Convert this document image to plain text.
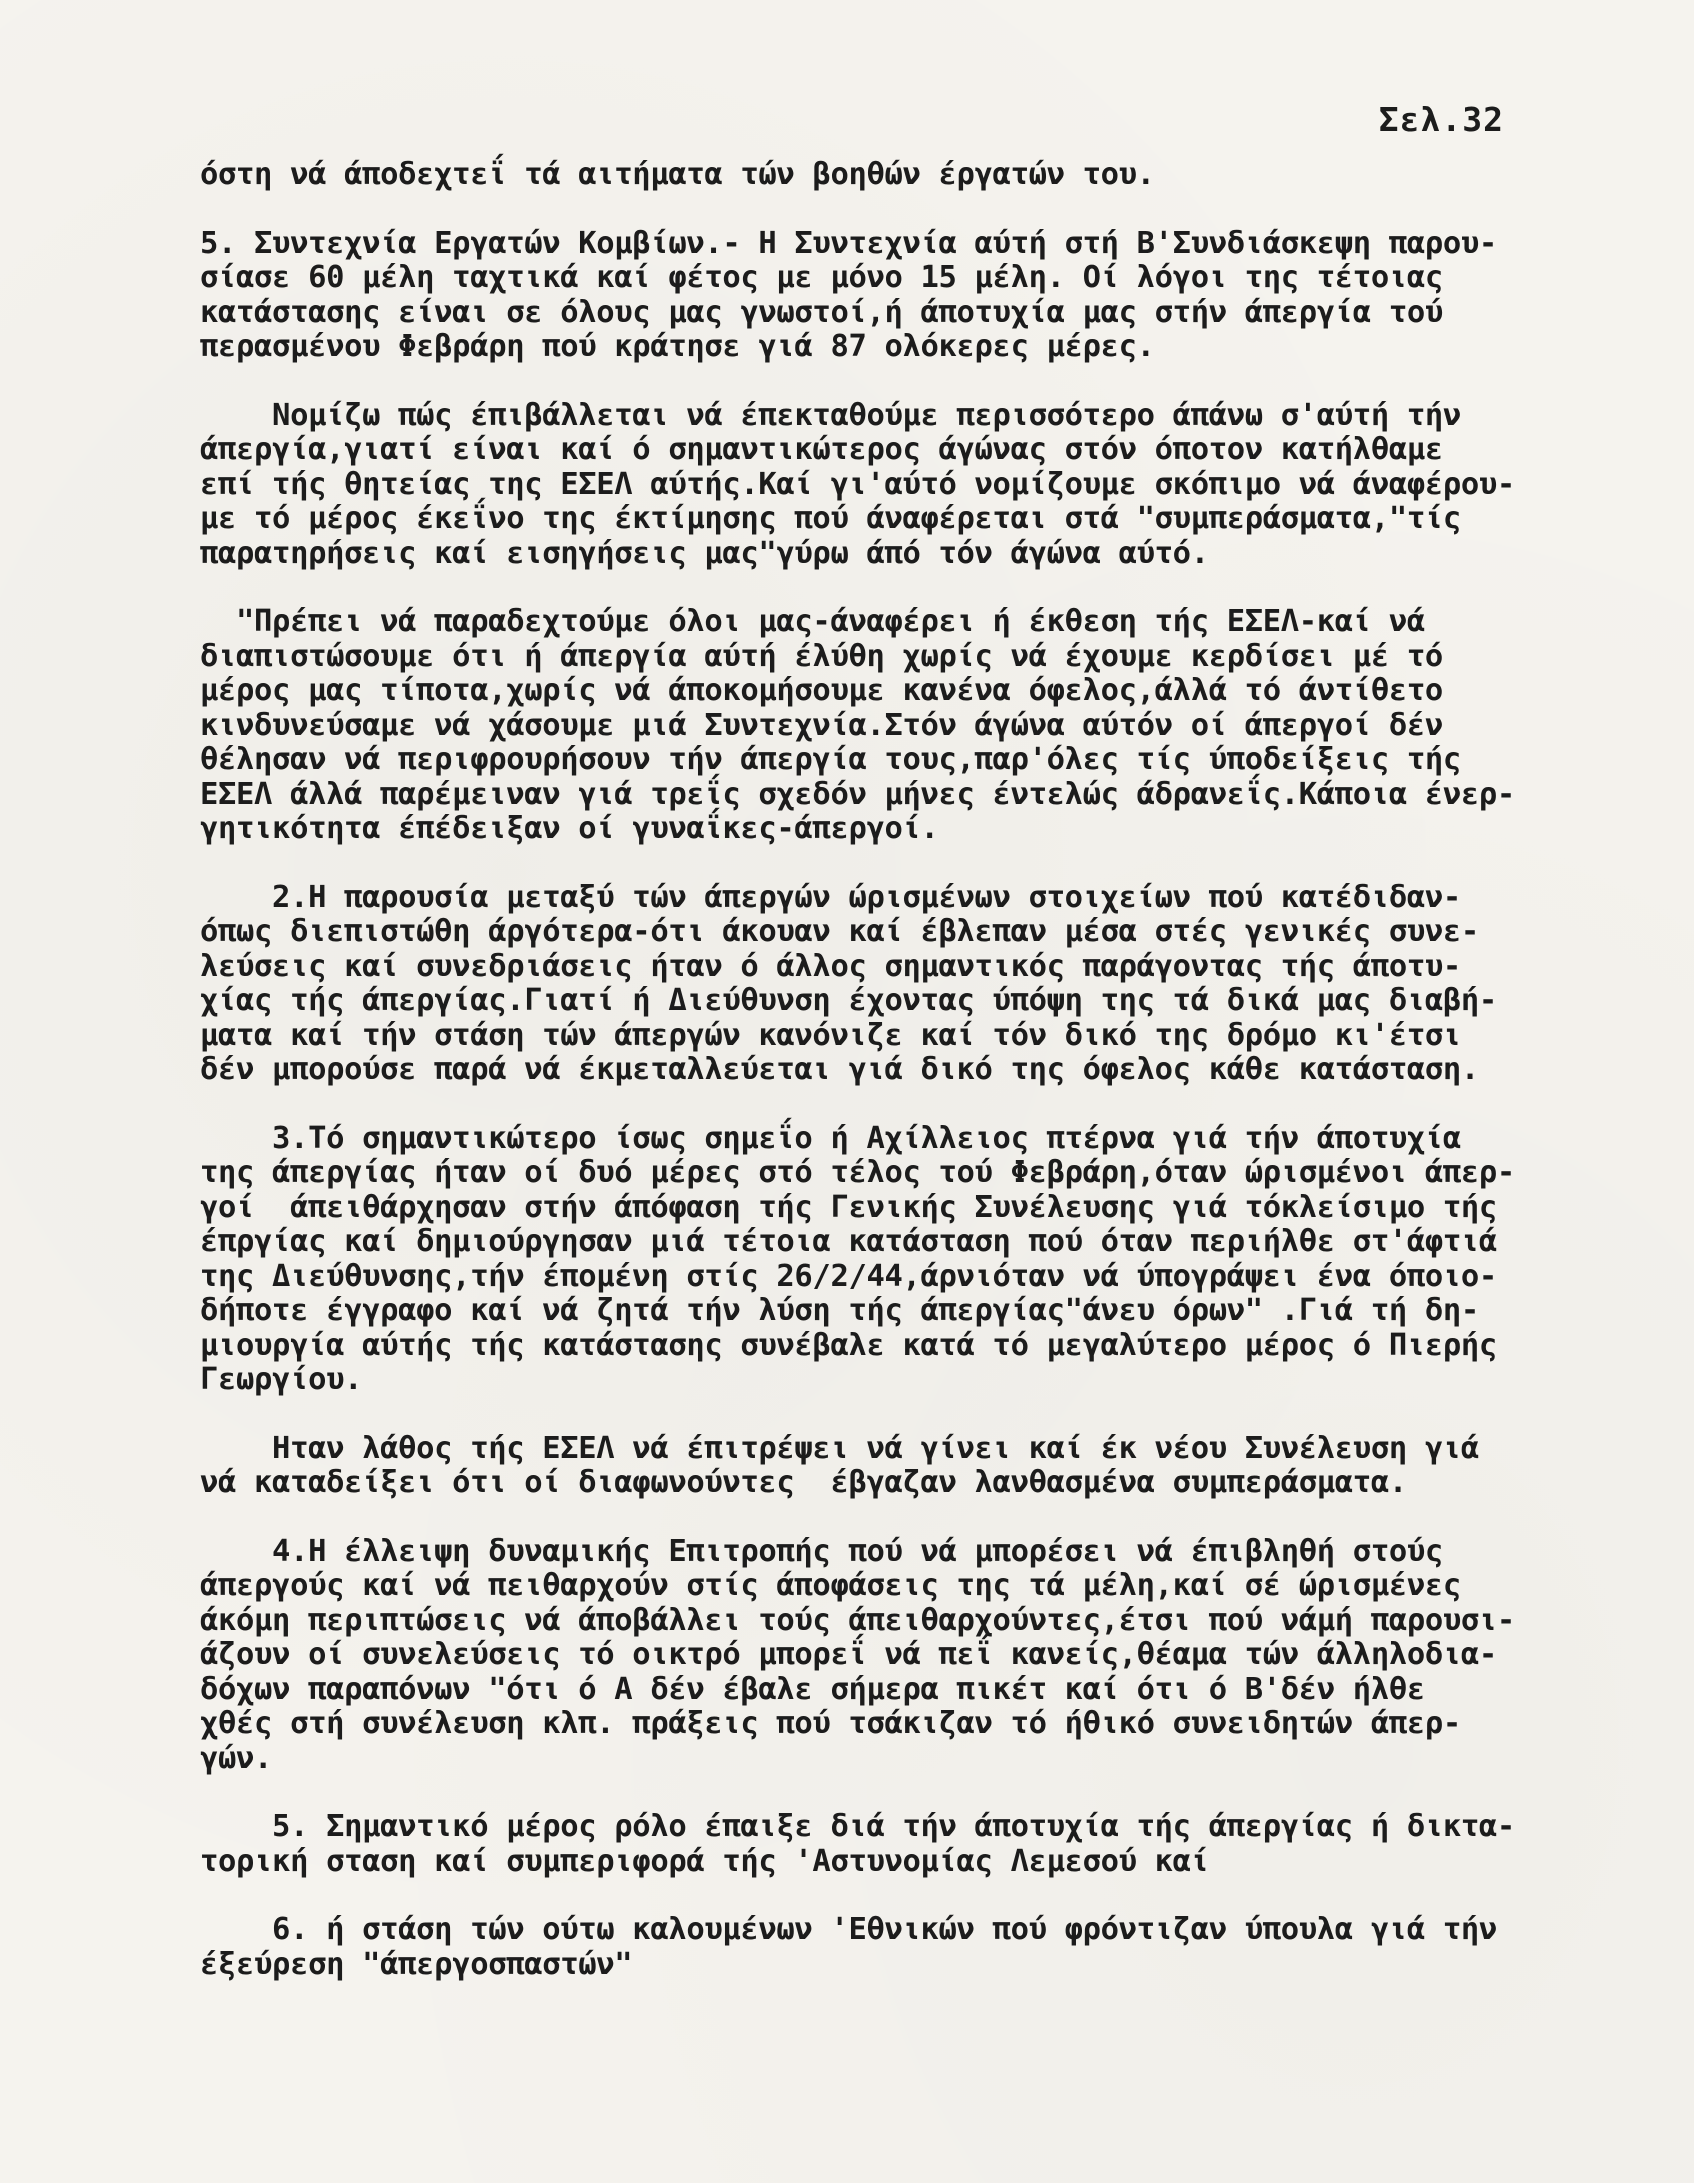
Σελ.32
όστη νά άποδεχτεΐ τά αιτήματα τών βοηθών έργατών του.
5. Συντεχνία Εργατών Κομβίων.- Η Συντεχνία αύτή στή Β'Συνδιάσκεψη παρου-
σίασε 60 μέλη ταχτικά καί φέτος με μόνο 15 μέλη. Οί λόγοι της τέτοιας
κατάστασης είναι σε όλους μας γνωστοί,ή άποτυχία μας στήν άπεργία τού
περασμένου Φεβράρη πού κράτησε γιά 87 ολόκερες μέρες.
Νομίζω πώς έπιβάλλεται νά έπεκταθούμε περισσότερο άπάνω σ'αύτή τήν
άπεργία,γιατί είναι καί ό σημαντικώτερος άγώνας στόν όποτον κατήλθαμε
επί τής θητείας της ΕΣΕΛ αύτής.Καί γι'αύτό νομίζουμε σκόπιμο νά άναφέρου-
με τό μέρος έκεΐνο της έκτίμησης πού άναφέρεται στά "συμπεράσματα,"τίς
παρατηρήσεις καί εισηγήσεις μας"γύρω άπό τόν άγώνα αύτό.
"Πρέπει νά παραδεχτούμε όλοι μας-άναφέρει ή έκθεση τής ΕΣΕΛ-καί νά
διαπιστώσουμε ότι ή άπεργία αύτή έλύθη χωρίς νά έχουμε κερδίσει μέ τό
μέρος μας τίποτα,χωρίς νά άποκομήσουμε κανένα όφελος,άλλά τό άντίθετο
κινδυνεύσαμε νά χάσουμε μιά Συντεχνία.Στόν άγώνα αύτόν οί άπεργοί δέν
θέλησαν νά περιφρουρήσουν τήν άπεργία τους,παρ'όλες τίς ύποδείξεις τής
ΕΣΕΛ άλλά παρέμειναν γιά τρεΐς σχεδόν μήνες έντελώς άδρανεΐς.Κάποια ένερ-
γητικότητα έπέδειξαν οί γυναΐκες-άπεργοί.
2.Η παρουσία μεταξύ τών άπεργών ώρισμένων στοιχείων πού κατέδιδαν-
όπως διεπιστώθη άργότερα-ότι άκουαν καί έβλεπαν μέσα στές γενικές συνε-
λεύσεις καί συνεδριάσεις ήταν ό άλλος σημαντικός παράγοντας τής άποτυ-
χίας τής άπεργίας.Γιατί ή Διεύθυνση έχοντας ύπόψη της τά δικά μας διαβή-
ματα καί τήν στάση τών άπεργών κανόνιζε καί τόν δικό της δρόμο κι'έτσι
δέν μπορούσε παρά νά έκμεταλλεύεται γιά δικό της όφελος κάθε κατάσταση.
3.Τό σημαντικώτερο ίσως σημεΐο ή Αχίλλειος πτέρνα γιά τήν άποτυχία
της άπεργίας ήταν οί δυό μέρες στό τέλος τού Φεβράρη,όταν ώρισμένοι άπερ-
γοί  άπειθάρχησαν στήν άπόφαση τής Γενικής Συνέλευσης γιά τόκλείσιμο τής
έπργίας καί δημιούργησαν μιά τέτοια κατάσταση πού όταν περιήλθε στ'άφτιά
της Διεύθυνσης,τήν έπομένη στίς 26/2/44,άρνιόταν νά ύπογράψει ένα όποιο-
δήποτε έγγραφο καί νά ζητά τήν λύση τής άπεργίας"άνευ όρων" .Γιά τή δη-
μιουργία αύτής τής κατάστασης συνέβαλε κατά τό μεγαλύτερο μέρος ό Πιερής
Γεωργίου.
Ηταν λάθος τής ΕΣΕΛ νά έπιτρέψει νά γίνει καί έκ νέου Συνέλευση γιά
νά καταδείξει ότι οί διαφωνούντες  έβγαζαν λανθασμένα συμπεράσματα.
4.Η έλλειψη δυναμικής Επιτροπής πού νά μπορέσει νά έπιβληθή στούς
άπεργούς καί νά πειθαρχούν στίς άποφάσεις της τά μέλη,καί σέ ώρισμένες
άκόμη περιπτώσεις νά άποβάλλει τούς άπειθαρχούντες,έτσι πού νάμή παρουσι-
άζουν οί συνελεύσεις τό οικτρό μπορεΐ νά πεΐ κανείς,θέαμα τών άλληλοδια-
δόχων παραπόνων "ότι ό Α δέν έβαλε σήμερα πικέτ καί ότι ό Β'δέν ήλθε
χθές στή συνέλευση κλπ. πράξεις πού τσάκιζαν τό ήθικό συνειδητών άπερ-
γών.
5. Σημαντικό μέρος ρόλο έπαιξε διά τήν άποτυχία τής άπεργίας ή δικτα-
τορική σταση καί συμπεριφορά τής 'Αστυνομίας Λεμεσού καί
6. ή στάση τών ούτω καλουμένων 'Εθνικών πού φρόντιζαν ύπουλα γιά τήν
έξεύρεση "άπεργοσπαστών"
